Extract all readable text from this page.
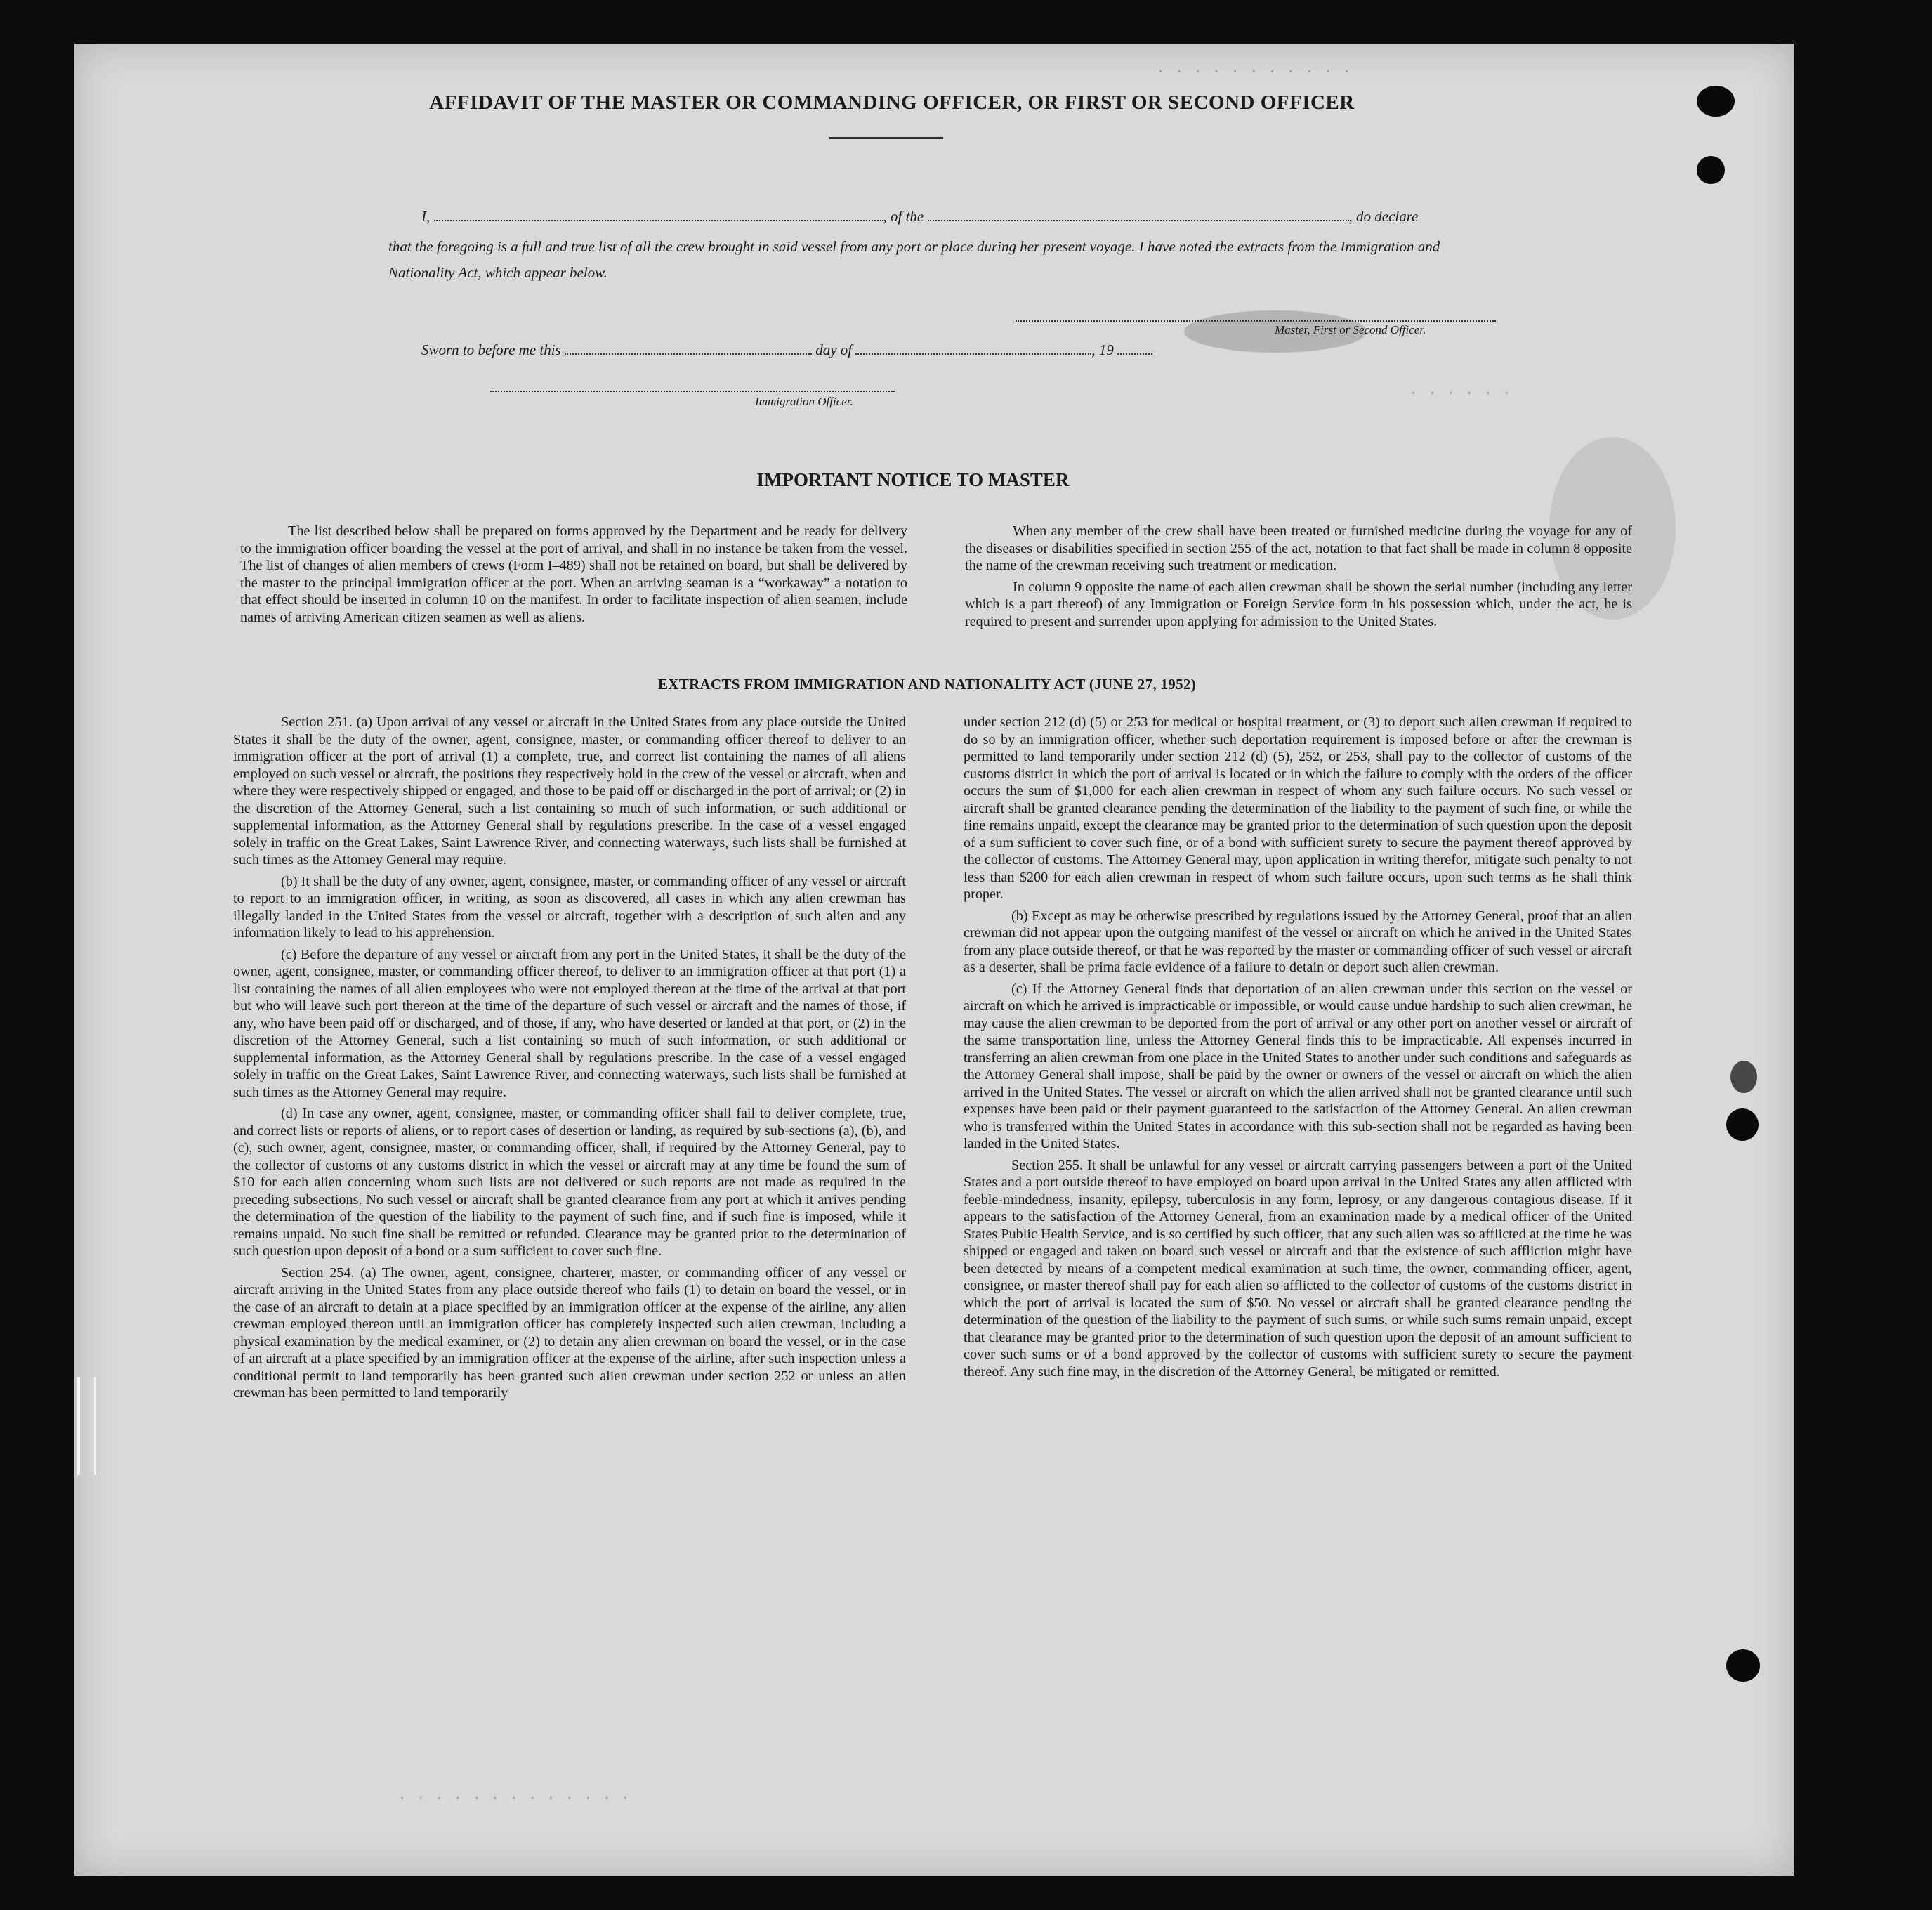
. . . . . . . . . . .
. . . . . .
. . . . . . . . . . . . .
AFFIDAVIT OF THE MASTER OR COMMANDING OFFICER, OR FIRST OR SECOND OFFICER
I,	, of the	, do declare
that the foregoing is a full and true list of all the crew brought in said vessel from any port or place during her present voyage. I have noted the extracts from the Immigration and Nationality Act, which appear below.
Master, First or Second Officer.
Sworn to before me this	day of	, 19
Immigration Officer.
IMPORTANT NOTICE TO MASTER

The list described below shall be prepared on forms approved by the Department and be ready for delivery to the immigration officer boarding the vessel at the port of arrival, and shall in no instance be taken from the vessel. The list of changes of alien members of crews (Form I–489) shall not be retained on board, but shall be delivered by the master to the principal immigration officer at the port. When an arriving seaman is a “workaway” a notation to that effect should be inserted in column 10 on the manifest. In order to facilitate inspection of alien seamen, include names of arriving American citizen seamen as well as aliens.

When any member of the crew shall have been treated or furnished medicine during the voyage for any of the diseases or disabilities specified in section 255 of the act, notation to that fact shall be made in column 8 opposite the name of the crewman receiving such treatment or medication.

In column 9 opposite the name of each alien crewman shall be shown the serial number (including any letter which is a part thereof) of any Immigration or Foreign Service form in his possession which, under the act, he is required to present and surrender upon applying for admission to the United States.

EXTRACTS FROM IMMIGRATION AND NATIONALITY ACT (JUNE 27, 1952)

Section 251. (a) Upon arrival of any vessel or aircraft in the United States from any place outside the United States it shall be the duty of the owner, agent, consignee, master, or commanding officer thereof to deliver to an immigration officer at the port of arrival (1) a complete, true, and correct list containing the names of all aliens employed on such vessel or aircraft, the positions they respectively hold in the crew of the vessel or aircraft, when and where they were respectively shipped or engaged, and those to be paid off or discharged in the port of arrival; or (2) in the discretion of the Attorney General, such a list containing so much of such information, or such additional or supplemental information, as the Attorney General shall by regulations prescribe. In the case of a vessel engaged solely in traffic on the Great Lakes, Saint Lawrence River, and connecting waterways, such lists shall be furnished at such times as the Attorney General may require.

(b) It shall be the duty of any owner, agent, consignee, master, or commanding officer of any vessel or aircraft to report to an immigration officer, in writing, as soon as discovered, all cases in which any alien crewman has illegally landed in the United States from the vessel or aircraft, together with a description of such alien and any information likely to lead to his apprehension.

(c) Before the departure of any vessel or aircraft from any port in the United States, it shall be the duty of the owner, agent, consignee, master, or commanding officer thereof, to deliver to an immigration officer at that port (1) a list containing the names of all alien employees who were not employed thereon at the time of the arrival at that port but who will leave such port thereon at the time of the departure of such vessel or aircraft and the names of those, if any, who have been paid off or discharged, and of those, if any, who have deserted or landed at that port, or (2) in the discretion of the Attorney General, such a list containing so much of such information, or such additional or supplemental information, as the Attorney General shall by regulations prescribe. In the case of a vessel engaged solely in traffic on the Great Lakes, Saint Lawrence River, and connecting waterways, such lists shall be furnished at such times as the Attorney General may require.

(d) In case any owner, agent, consignee, master, or commanding officer shall fail to deliver complete, true, and correct lists or reports of aliens, or to report cases of desertion or landing, as required by sub-sections (a), (b), and (c), such owner, agent, consignee, master, or commanding officer, shall, if required by the Attorney General, pay to the collector of customs of any customs district in which the vessel or aircraft may at any time be found the sum of $10 for each alien concerning whom such lists are not delivered or such reports are not made as required in the preceding subsections. No such vessel or aircraft shall be granted clearance from any port at which it arrives pending the determination of the question of the liability to the payment of such fine, and if such fine is imposed, while it remains unpaid. No such fine shall be remitted or refunded. Clearance may be granted prior to the determination of such question upon deposit of a bond or a sum sufficient to cover such fine.

Section 254. (a) The owner, agent, consignee, charterer, master, or commanding officer of any vessel or aircraft arriving in the United States from any place outside thereof who fails (1) to detain on board the vessel, or in the case of an aircraft to detain at a place specified by an immigration officer at the expense of the airline, any alien crewman employed thereon until an immigration officer has completely inspected such alien crewman, including a physical examination by the medical examiner, or (2) to detain any alien crewman on board the vessel, or in the case of an aircraft at a place specified by an immigration officer at the expense of the airline, after such inspection unless a conditional permit to land temporarily has been granted such alien crewman under section 252 or unless an alien crewman has been permitted to land temporarily

under section 212 (d) (5) or 253 for medical or hospital treatment, or (3) to deport such alien crewman if required to do so by an immigration officer, whether such deportation requirement is imposed before or after the crewman is permitted to land temporarily under section 212 (d) (5), 252, or 253, shall pay to the collector of customs of the customs district in which the port of arrival is located or in which the failure to comply with the orders of the officer occurs the sum of $1,000 for each alien crewman in respect of whom any such failure occurs. No such vessel or aircraft shall be granted clearance pending the determination of the liability to the payment of such fine, or while the fine remains unpaid, except the clearance may be granted prior to the determination of such question upon the deposit of a sum sufficient to cover such fine, or of a bond with sufficient surety to secure the payment thereof approved by the collector of customs. The Attorney General may, upon application in writing therefor, mitigate such penalty to not less than $200 for each alien crewman in respect of whom such failure occurs, upon such terms as he shall think proper.

(b) Except as may be otherwise prescribed by regulations issued by the Attorney General, proof that an alien crewman did not appear upon the outgoing manifest of the vessel or aircraft on which he arrived in the United States from any place outside thereof, or that he was reported by the master or commanding officer of such vessel or aircraft as a deserter, shall be prima facie evidence of a failure to detain or deport such alien crewman.

(c) If the Attorney General finds that deportation of an alien crewman under this section on the vessel or aircraft on which he arrived is impracticable or impossible, or would cause undue hardship to such alien crewman, he may cause the alien crewman to be deported from the port of arrival or any other port on another vessel or aircraft of the same transportation line, unless the Attorney General finds this to be impracticable. All expenses incurred in transferring an alien crewman from one place in the United States to another under such conditions and safeguards as the Attorney General shall impose, shall be paid by the owner or owners of the vessel or aircraft on which the alien arrived in the United States. The vessel or aircraft on which the alien arrived shall not be granted clearance until such expenses have been paid or their payment guaranteed to the satisfaction of the Attorney General. An alien crewman who is transferred within the United States in accordance with this sub-section shall not be regarded as having been landed in the United States.

Section 255. It shall be unlawful for any vessel or aircraft carrying passengers between a port of the United States and a port outside thereof to have employed on board upon arrival in the United States any alien afflicted with feeble-mindedness, insanity, epilepsy, tuberculosis in any form, leprosy, or any dangerous contagious disease. If it appears to the satisfaction of the Attorney General, from an examination made by a medical officer of the United States Public Health Service, and is so certified by such officer, that any such alien was so afflicted at the time he was shipped or engaged and taken on board such vessel or aircraft and that the existence of such affliction might have been detected by means of a competent medical examination at such time, the owner, commanding officer, agent, consignee, or master thereof shall pay for each alien so afflicted to the collector of customs of the customs district in which the port of arrival is located the sum of $50. No vessel or aircraft shall be granted clearance pending the determination of the question of the liability to the payment of such sums, or while such sums remain unpaid, except that clearance may be granted prior to the determination of such question upon the deposit of an amount sufficient to cover such sums or of a bond approved by the collector of customs with sufficient surety to secure the payment thereof. Any such fine may, in the discretion of the Attorney General, be mitigated or remitted.
